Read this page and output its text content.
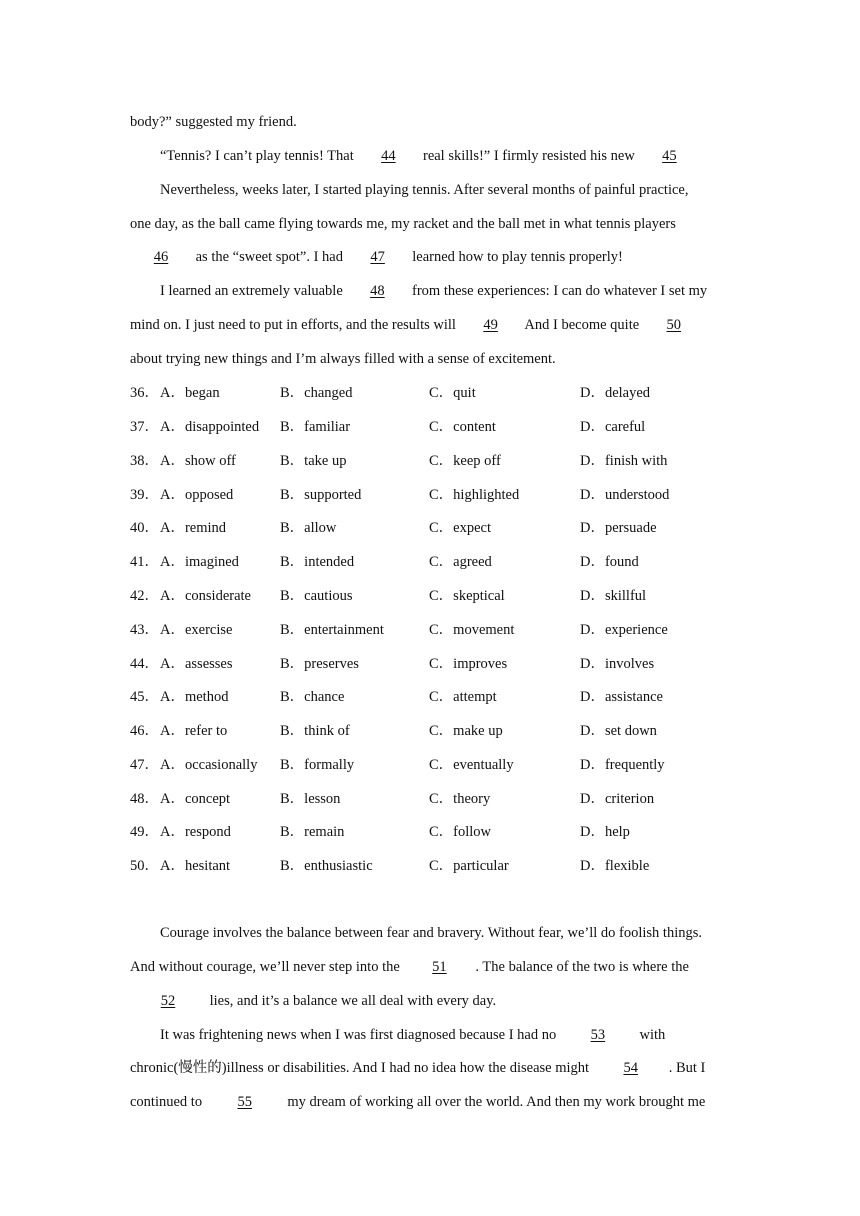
body?” suggested my friend.
“Tennis? I can’t play tennis! That 44 real skills!” I firmly resisted his new 45
Nevertheless, weeks later, I started playing tennis. After several months of painful practice,
one day, as the ball came flying towards me, my racket and the ball met in what tennis players
46 as the “sweet spot”. I had 47 learned how to play tennis properly!
I learned an extremely valuable 48 from these experiences: I can do whatever I set my
mind on. I just need to put in efforts, and the results will 49 And I become quite 50
about trying new things and I’m always filled with a sense of excitement.
36． A．began	B．changed	C．quit	D．delayed
37． A．disappointed B．familiar	C．content	D．careful
38． A．show off	B．take up	C．keep off	D．finish with
39． A．opposed	B．supported	C．highlighted	D．understood
40． A．remind	B．allow	C．expect	D．persuade
41． A．imagined	B．intended	C．agreed	D．found
42． A．considerate B．cautious	C．skeptical	D．skillful
43． A．exercise	B．entertainment	C．movement	D．experience
44． A．assesses	B．preserves	C．improves	D．involves
45． A．method	B．chance	C．attempt	D．assistance
46． A．refer to	B．think of	C．make up	D．set down
47． A．occasionally B．formally	C．eventually	D．frequently
48． A．concept	B．lesson	C．theory	D．criterion
49． A．respond	B．remain	C．follow	D．help
50． A．hesitant	B．enthusiastic	C．particular	D．flexible
Courage involves the balance between fear and bravery. Without fear, we’ll do foolish things.
And without courage, we’ll never step into the 51 . The balance of the two is where the
52 lies, and it’s a balance we all deal with every day.
It was frightening news when I was first diagnosed because I had no 53 with
chronic(慢性的)illness or disabilities. And I had no idea how the disease might 54 . But I
continued to 55 my dream of working all over the world. And then my work brought me
